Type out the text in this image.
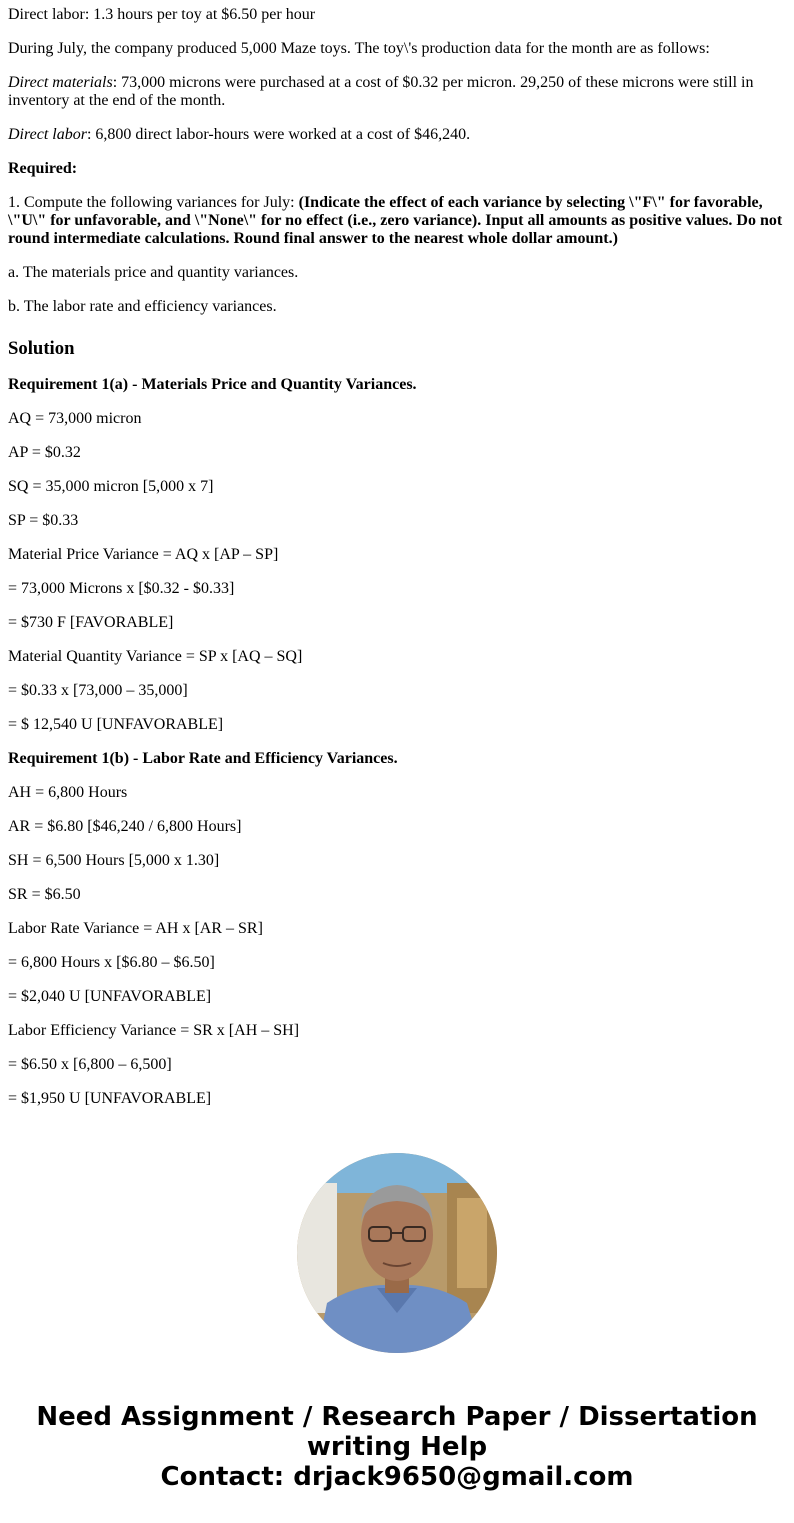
Direct labor: 1.3 hours per toy at $6.50 per hour

During July, the company produced 5,000 Maze toys. The toy\'s production data for the month are as follows:

Direct materials: 73,000 microns were purchased at a cost of $0.32 per micron. 29,250 of these microns were still in inventory at the end of the month.

Direct labor: 6,800 direct labor-hours were worked at a cost of $46,240.

Required:

1. Compute the following variances for July: (Indicate the effect of each variance by selecting \"F\" for favorable, \"U\" for unfavorable, and \"None\" for no effect (i.e., zero variance). Input all amounts as positive values. Do not round intermediate calculations. Round final answer to the nearest whole dollar amount.)

a. The materials price and quantity variances.

b. The labor rate and efficiency variances.

Solution

Requirement 1(a) - Materials Price and Quantity Variances.

AQ = 73,000 micron

AP = $0.32

SQ = 35,000 micron [5,000 x 7]

SP = $0.33

Material Price Variance = AQ x [AP – SP]

= 73,000 Microns x [$0.32 - $0.33]

= $730 F [FAVORABLE]

Material Quantity Variance = SP x [AQ – SQ]

= $0.33 x [73,000 – 35,000]

= $ 12,540 U [UNFAVORABLE]

Requirement 1(b) - Labor Rate and Efficiency Variances.

AH = 6,800 Hours

AR = $6.80 [$46,240 / 6,800 Hours]

SH = 6,500 Hours [5,000 x 1.30]

SR = $6.50

Labor Rate Variance = AH x [AR – SR]

= 6,800 Hours x [$6.80 – $6.50]

= $2,040 U [UNFAVORABLE]

Labor Efficiency Variance = SR x [AH – SH]

= $6.50 x [6,800 – 6,500]

= $1,950 U [UNFAVORABLE]

Need Assignment / Research Paper / Dissertation
writing Help
Contact: drjack9650@gmail.com
